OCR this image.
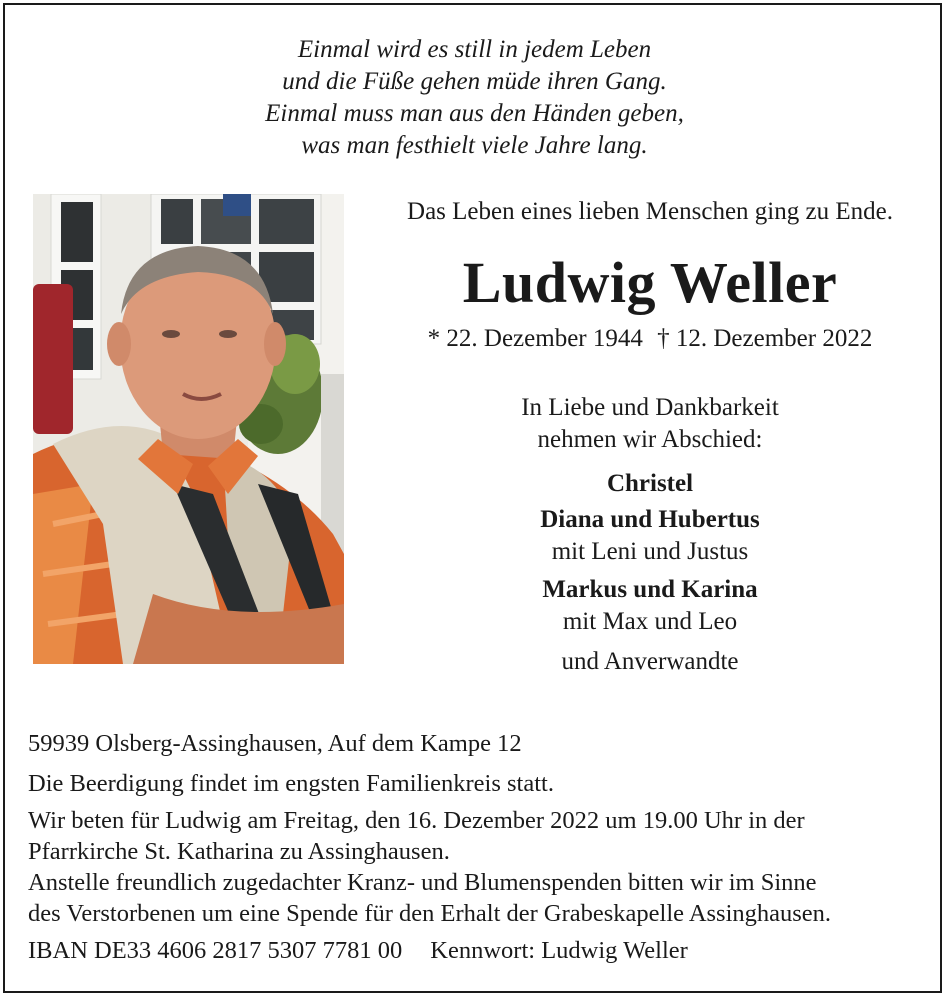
Einmal wird es still in jedem Leben
und die Füße gehen müde ihren Gang.
Einmal muss man aus den Händen geben,
was man festhielt viele Jahre lang.
Das Leben eines lieben Menschen ging zu Ende.
Ludwig Weller
* 22. Dezember 1944 † 12. Dezember 2022
In Liebe und Dankbarkeit
nehmen wir Abschied:
Christel
Diana und Hubertus
mit Leni und Justus
Markus und Karina
mit Max und Leo
und Anverwandte
59939 Olsberg-Assinghausen, Auf dem Kampe 12
Die Beerdigung findet im engsten Familienkreis statt.
Wir beten für Ludwig am Freitag, den 16. Dezember 2022 um 19.00 Uhr in der
Pfarrkirche St. Katharina zu Assinghausen.
Anstelle freundlich zugedachter Kranz- und Blumenspenden bitten wir im Sinne
des Verstorbenen um eine Spende für den Erhalt der Grabeskapelle Assinghausen.
IBAN DE33 4606 2817 5307 7781 00 Kennwort: Ludwig Weller
